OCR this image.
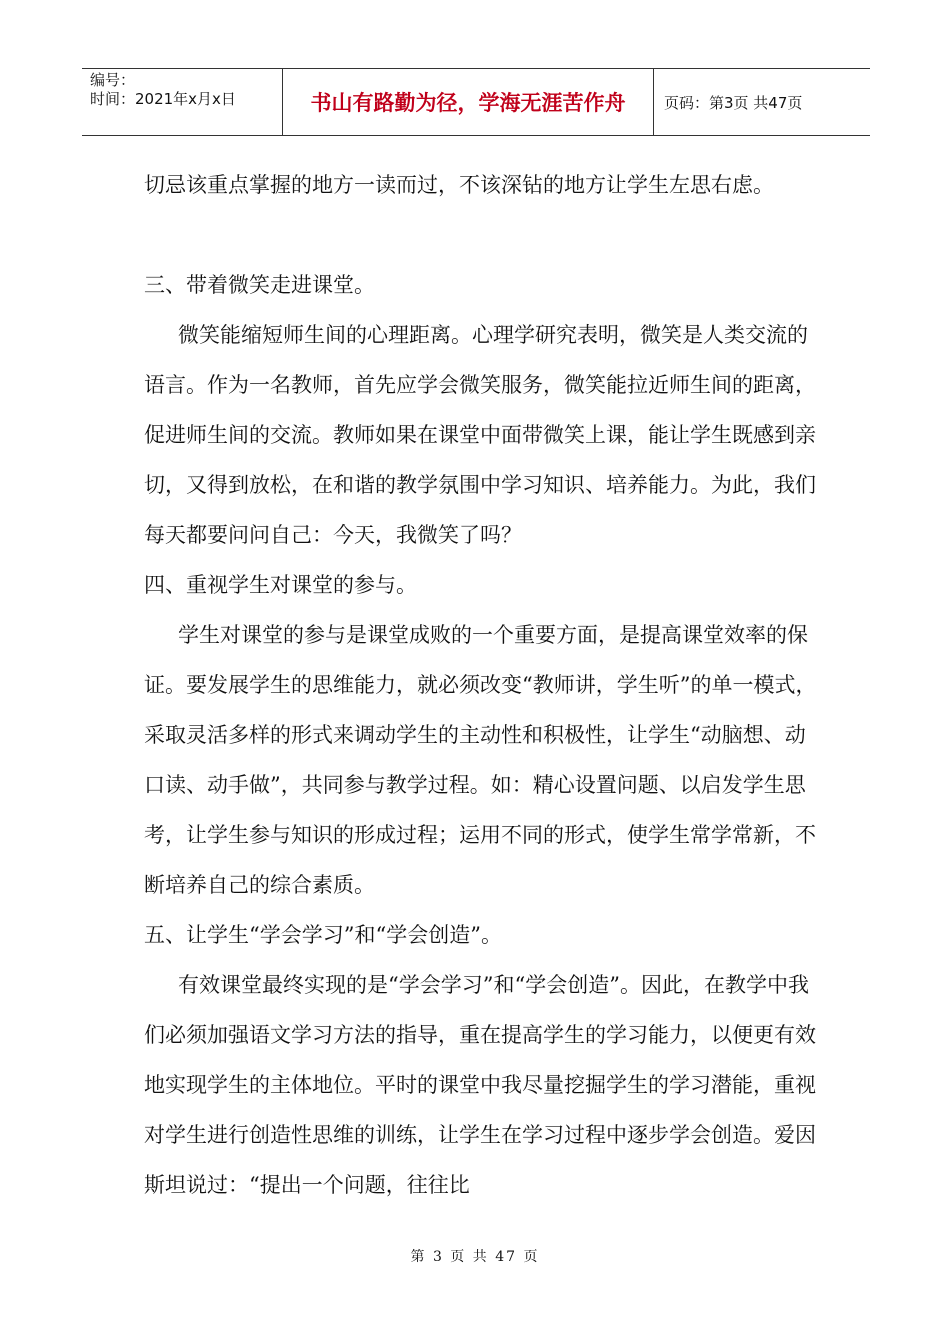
编号：
时间：2021年x月x日	书山有路勤为径，学海无涯苦作舟	页码：第3页 共47页

切忌该重点掌握的地方一读而过，不该深钻的地方让学生左思右虑。

三、带着微笑走进课堂。

微笑能缩短师生间的心理距离。心理学研究表明，微笑是人类交流的语言。作为一名教师，首先应学会微笑服务，微笑能拉近师生间的距离，促进师生间的交流。教师如果在课堂中面带微笑上课，能让学生既感到亲切，又得到放松，在和谐的教学氛围中学习知识、培养能力。为此，我们每天都要问问自己：今天，我微笑了吗？

四、重视学生对课堂的参与。

学生对课堂的参与是课堂成败的一个重要方面，是提高课堂效率的保证。要发展学生的思维能力，就必须改变“教师讲，学生听”的单一模式，采取灵活多样的形式来调动学生的主动性和积极性，让学生“动脑想、动口读、动手做”，共同参与教学过程。如：精心设置问题、以启发学生思考，让学生参与知识的形成过程；运用不同的形式，使学生常学常新，不断培养自己的综合素质。

五、让学生“学会学习”和“学会创造”。

有效课堂最终实现的是“学会学习”和“学会创造”。因此，在教学中我们必须加强语文学习方法的指导，重在提高学生的学习能力，以便更有效地实现学生的主体地位。平时的课堂中我尽量挖掘学生的学习潜能，重视对学生进行创造性思维的训练，让学生在学习过程中逐步学会创造。爱因斯坦说过：“提出一个问题，往往比

第 3 页 共 47 页
